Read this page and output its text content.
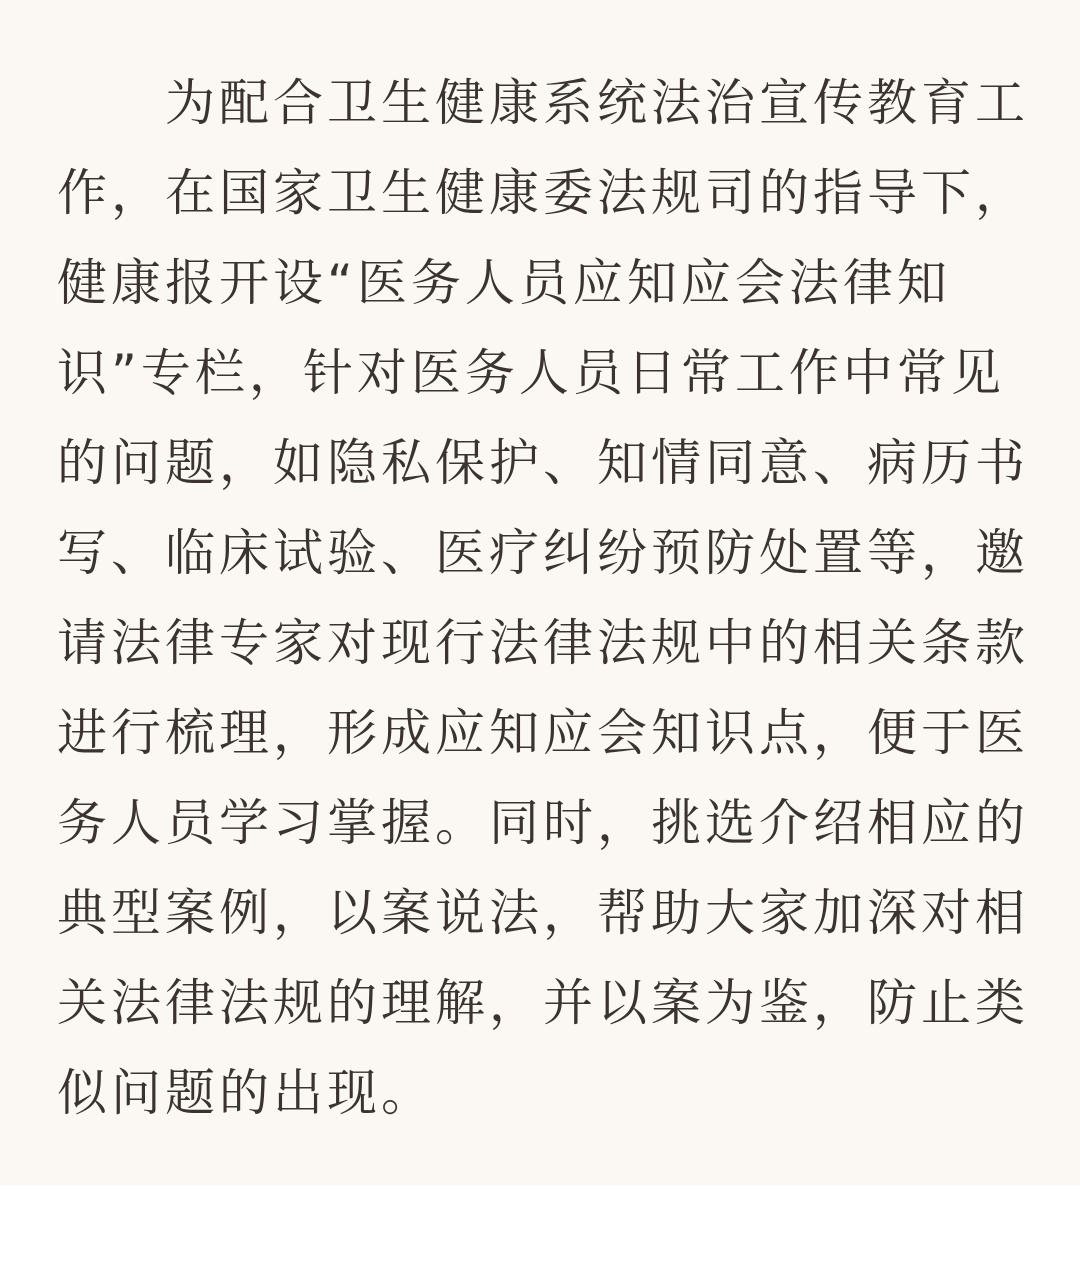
为配合卫生健康系统法治宣传教育工
作，在国家卫生健康委法规司的指导下，
健康报开设“医务人员应知应会法律知
识”专栏，针对医务人员日常工作中常见
的问题，如隐私保护、知情同意、病历书
写、临床试验、医疗纠纷预防处置等，邀
请法律专家对现行法律法规中的相关条款
进行梳理，形成应知应会知识点，便于医
务人员学习掌握。同时，挑选介绍相应的
典型案例，以案说法，帮助大家加深对相
关法律法规的理解，并以案为鉴，防止类
似问题的出现。
